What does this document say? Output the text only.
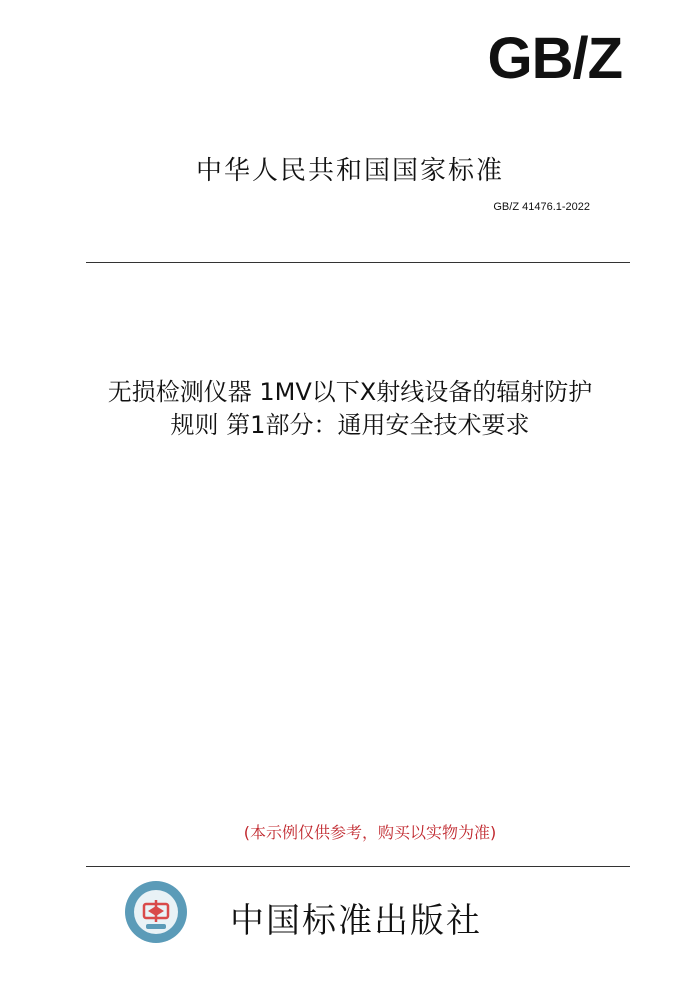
GB/Z
中华人民共和国国家标准
GB/Z 41476.1-2022
无损检测仪器 1MV以下X射线设备的辐射防护
规则 第1部分：通用安全技术要求
(本示例仅供参考，购买以实物为准)
中国标准出版社
